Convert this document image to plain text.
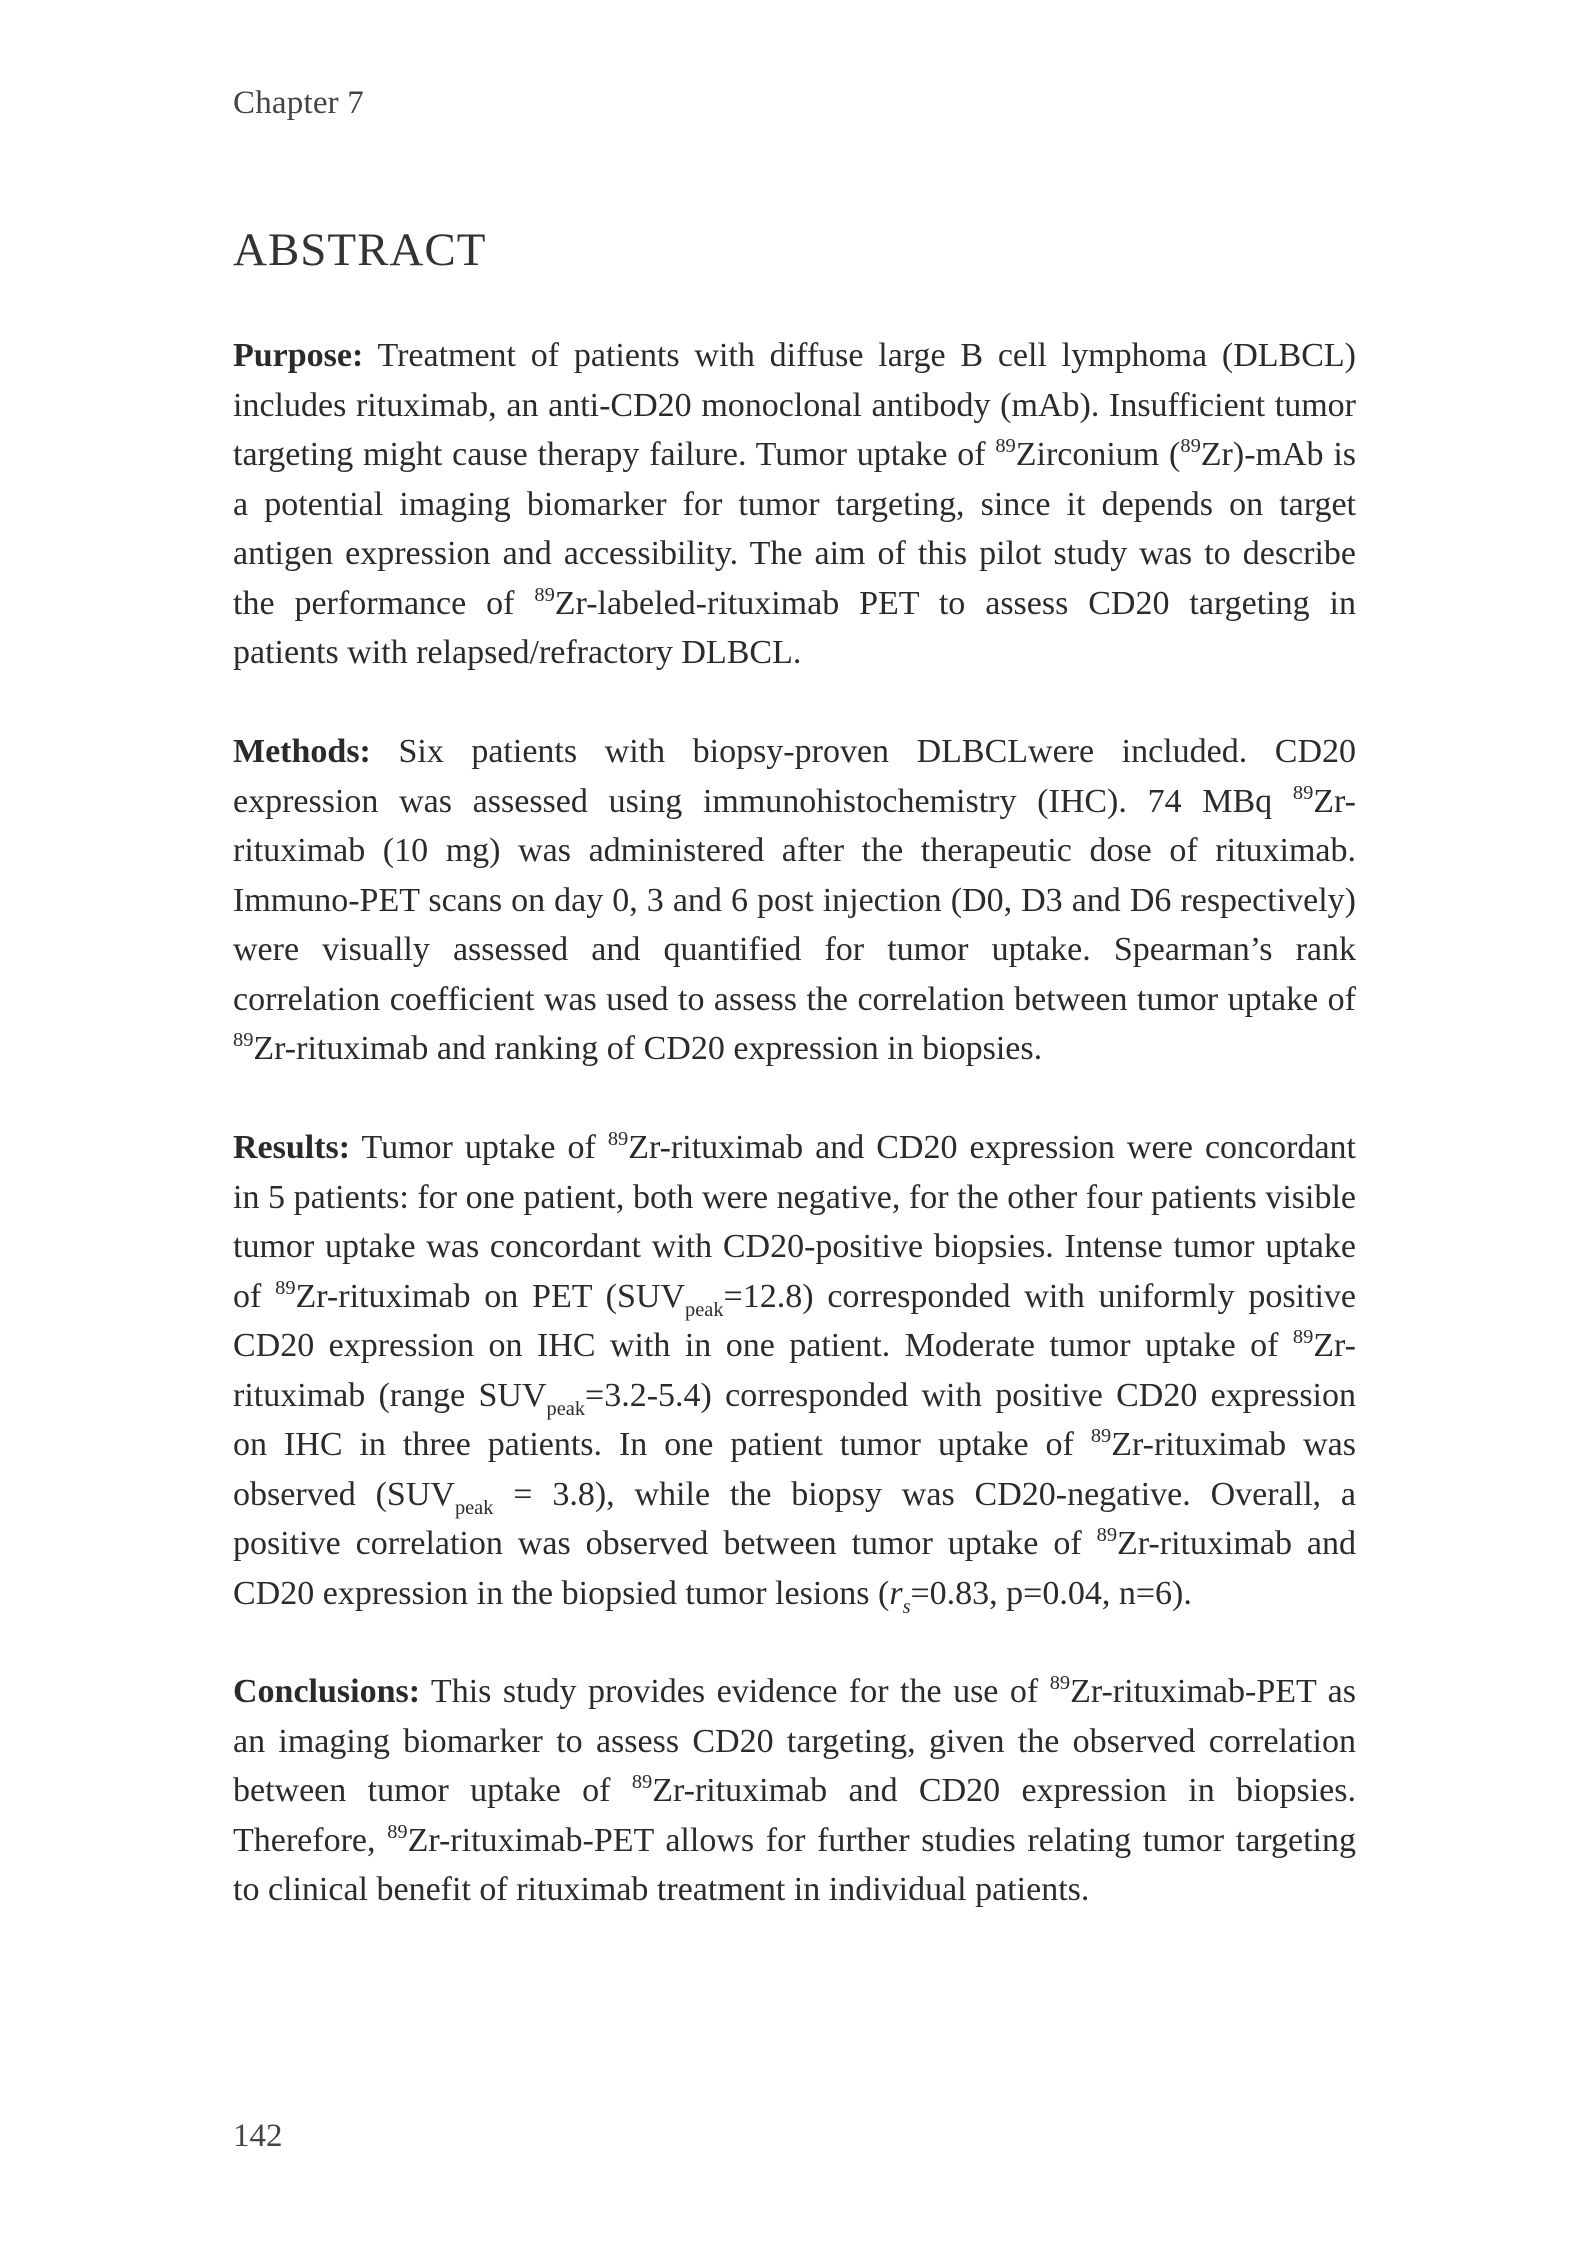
Chapter 7
ABSTRACT

Purpose: Treatment of patients with diffuse large B cell lymphoma (DLBCL) includes rituximab, an anti-CD20 monoclonal antibody (mAb). Insufficient tumor targeting might cause therapy failure. Tumor uptake of $^{89}$Zirconium ($^{89}$Zr)-mAb is a potential imaging biomarker for tumor targeting, since it depends on target antigen expression and accessibility. The aim of this pilot study was to describe the performance of $^{89}$Zr-labeled-rituximab PET to assess CD20 targeting in patients with relapsed/refractory DLBCL.

Methods: Six patients with biopsy-proven DLBCLwere included. CD20 expression was assessed using immunohistochemistry (IHC). 74 MBq $^{89}$Zr-rituximab (10 mg) was administered after the therapeutic dose of rituximab. Immuno-PET scans on day 0, 3 and 6 post injection (D0, D3 and D6 respectively) were visually assessed and quantified for tumor uptake. Spearman’s rank correlation coefficient was used to assess the correlation between tumor uptake of $^{89}$Zr-rituximab and ranking of CD20 expression in biopsies.

Results: Tumor uptake of $^{89}$Zr-rituximab and CD20 expression were concordant in 5 patients: for one patient, both were negative, for the other four patients visible tumor uptake was concordant with CD20-positive biopsies. Intense tumor uptake of $^{89}$Zr-rituximab on PET $(SUV_{peak}=12.8)$ corresponded with uniformly positive CD20 expression on IHC with in one patient. Moderate tumor uptake of $^{89}$Zr-rituximab (range $SUV_{peak}=3.2-5.4$) corresponded with positive CD20 expression on IHC in three patients. In one patient tumor uptake of $^{89}$Zr-rituximab was observed $(SUV_{peak} = 3.8)$, while the biopsy was CD20-negative. Overall, a positive correlation was observed between tumor uptake of $^{89}$Zr-rituximab and CD20 expression in the biopsied tumor lesions ($r_s=0.83$, p=0.04, n=6).

Conclusions: This study provides evidence for the use of $^{89}$Zr-rituximab-PET as an imaging biomarker to assess CD20 targeting, given the observed correlation between tumor uptake of $^{89}$Zr-rituximab and CD20 expression in biopsies. Therefore, $^{89}$Zr-rituximab-PET allows for further studies relating tumor targeting to clinical benefit of rituximab treatment in individual patients.

142
